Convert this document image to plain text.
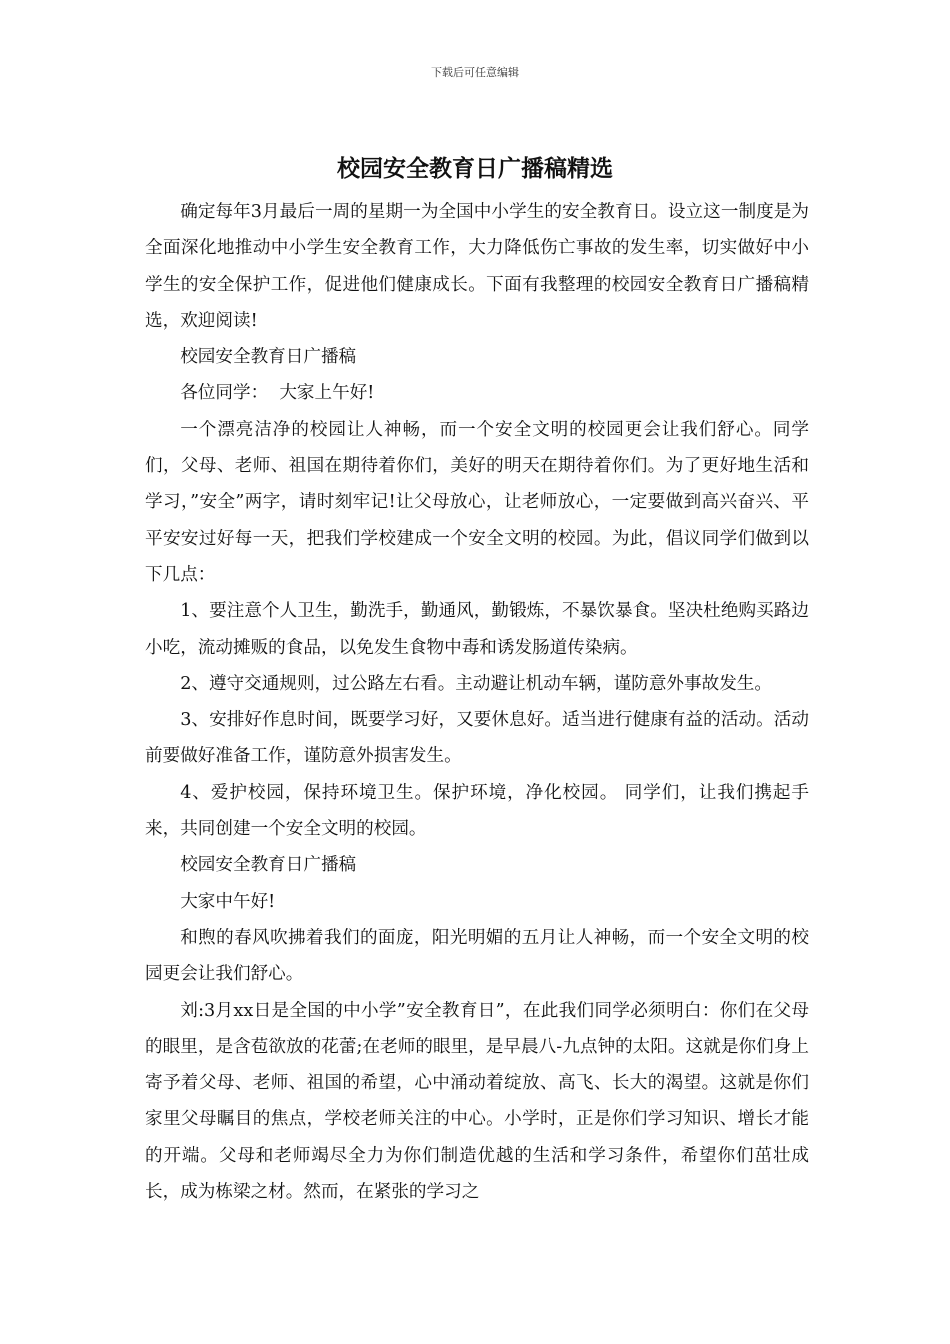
下载后可任意编辑
校园安全教育日广播稿精选

确定每年3月最后一周的星期一为全国中小学生的安全教育日。设立这一制度是为全面深化地推动中小学生安全教育工作，大力降低伤亡事故的发生率，切实做好中小学生的安全保护工作，促进他们健康成长。下面有我整理的校园安全教育日广播稿精选，欢迎阅读!

校园安全教育日广播稿

各位同学：  大家上午好!

一个漂亮洁净的校园让人神畅，而一个安全文明的校园更会让我们舒心。同学们，父母、老师、祖国在期待着你们，美好的明天在期待着你们。为了更好地生活和学习，”安全”两字，请时刻牢记!让父母放心，让老师放心，一定要做到高兴奋兴、平平安安过好每一天，把我们学校建成一个安全文明的校园。为此，倡议同学们做到以下几点：

1、要注意个人卫生，勤洗手，勤通风，勤锻炼，不暴饮暴食。坚决杜绝购买路边小吃，流动摊贩的食品，以免发生食物中毒和诱发肠道传染病。

2、遵守交通规则，过公路左右看。主动避让机动车辆，谨防意外事故发生。

3、安排好作息时间，既要学习好，又要休息好。适当进行健康有益的活动。活动前要做好准备工作，谨防意外损害发生。

4、爱护校园，保持环境卫生。保护环境，净化校园。 同学们，让我们携起手来，共同创建一个安全文明的校园。

校园安全教育日广播稿

大家中午好!

和煦的春风吹拂着我们的面庞，阳光明媚的五月让人神畅，而一个安全文明的校园更会让我们舒心。

刘:3月xx日是全国的中小学”安全教育日”，在此我们同学必须明白：你们在父母的眼里，是含苞欲放的花蕾;在老师的眼里，是早晨八-九点钟的太阳。这就是你们身上寄予着父母、老师、祖国的希望，心中涌动着绽放、高飞、长大的渴望。这就是你们家里父母瞩目的焦点，学校老师关注的中心。小学时，正是你们学习知识、增长才能的开端。父母和老师竭尽全力为你们制造优越的生活和学习条件，希望你们茁壮成长，成为栋梁之材。然而，在紧张的学习之
